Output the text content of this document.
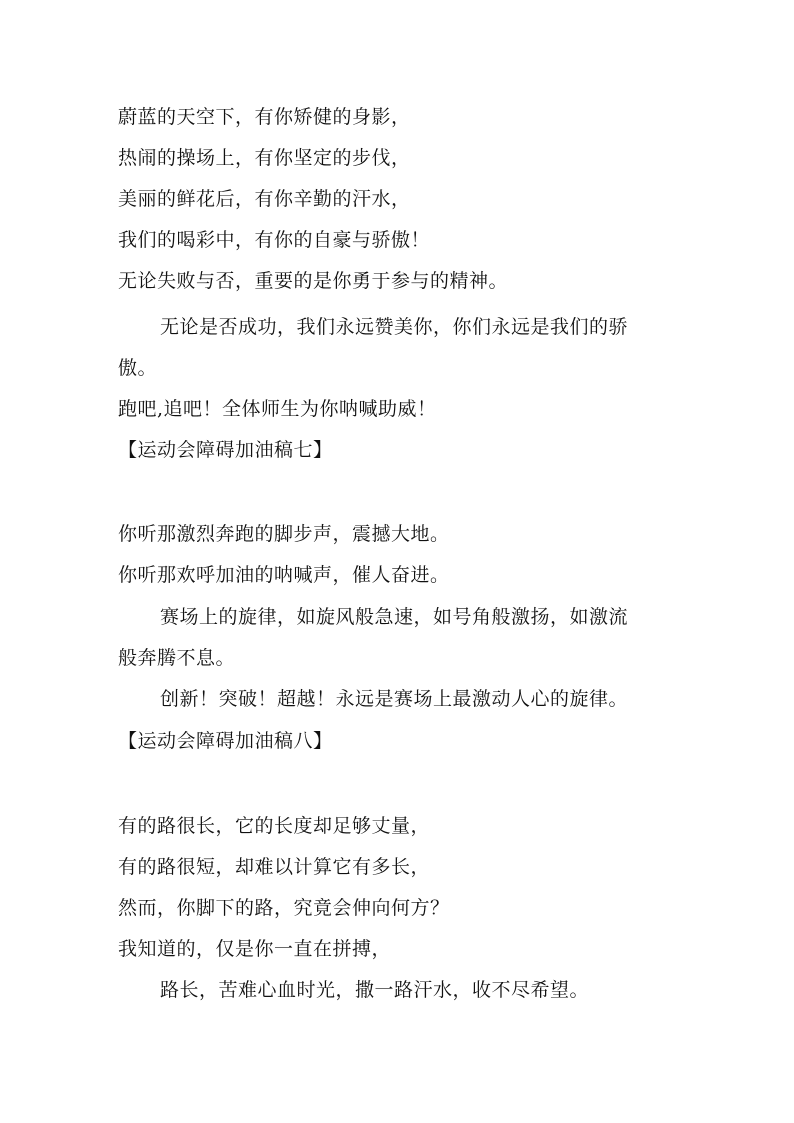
蔚蓝的天空下，有你矫健的身影，
热闹的操场上，有你坚定的步伐，
美丽的鲜花后，有你辛勤的汗水，
我们的喝彩中，有你的自豪与骄傲！
无论失败与否，重要的是你勇于参与的精神。
无论是否成功，我们永远赞美你，你们永远是我们的骄
傲。
跑吧,追吧！全体师生为你呐喊助威！
【运动会障碍加油稿七】
你听那激烈奔跑的脚步声，震撼大地。
你听那欢呼加油的呐喊声，催人奋进。
赛场上的旋律，如旋风般急速，如号角般激扬，如激流
般奔腾不息。
创新！突破！超越！永远是赛场上最激动人心的旋律。
【运动会障碍加油稿八】
有的路很长，它的长度却足够丈量，
有的路很短，却难以计算它有多长，
然而，你脚下的路，究竟会伸向何方？
我知道的，仅是你一直在拼搏，
路长，苦难心血时光，撒一路汗水，收不尽希望。
